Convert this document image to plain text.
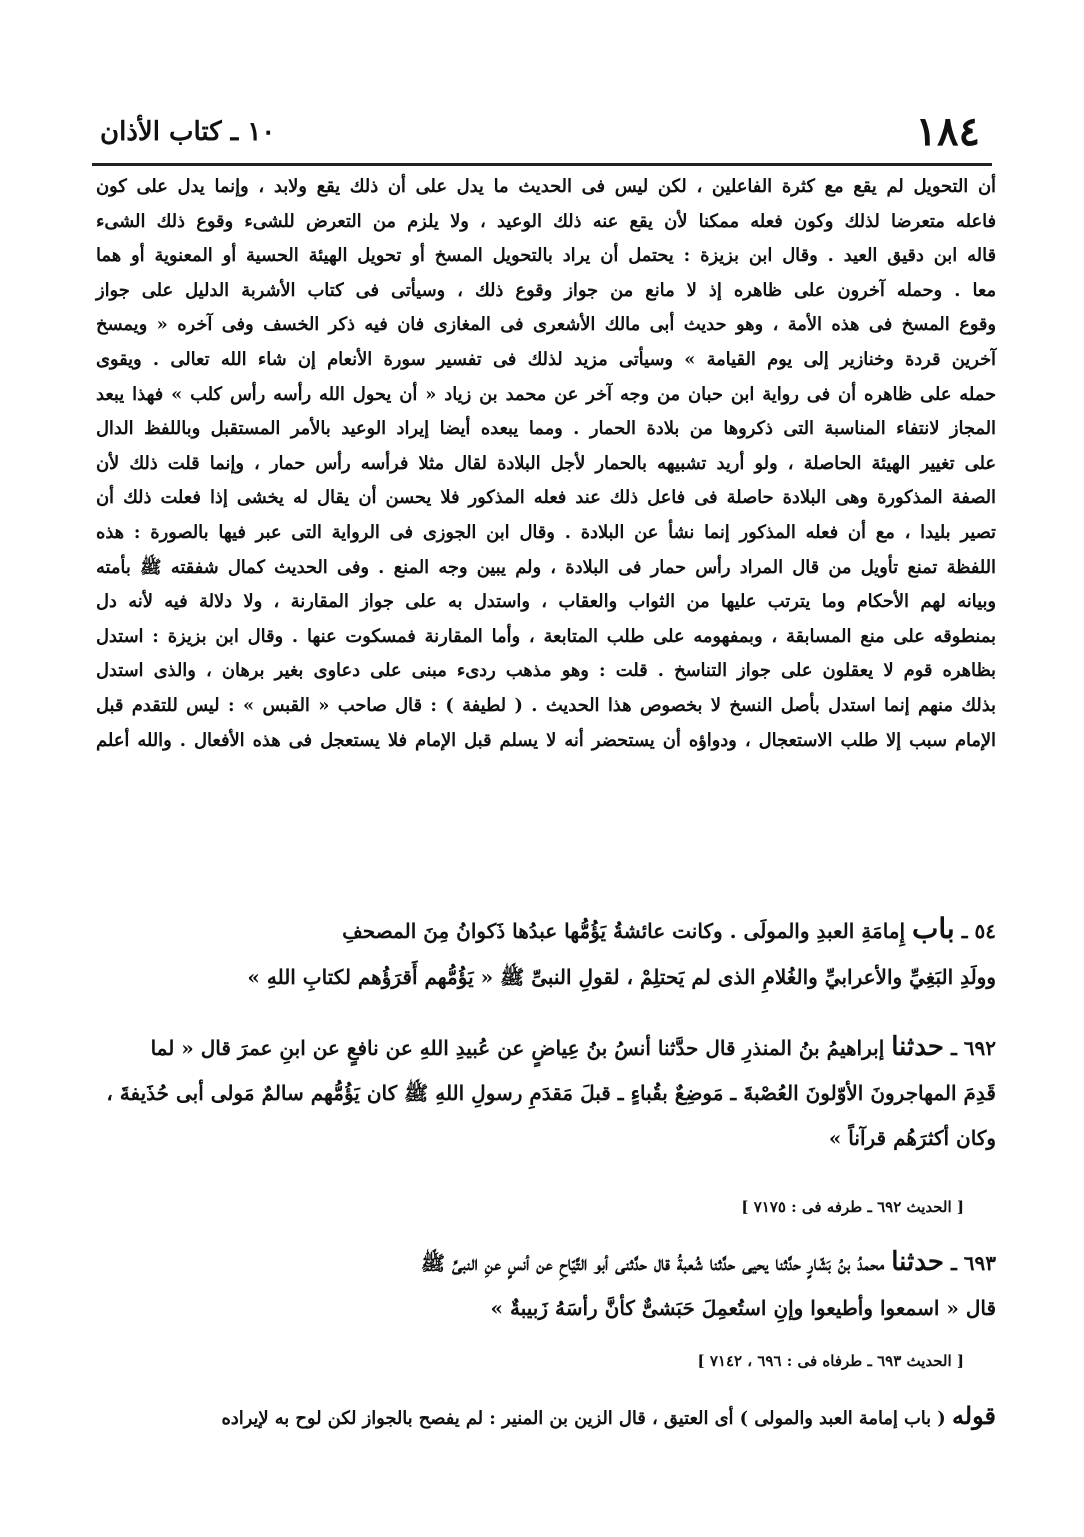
١٨٤
١٠ ـ كتاب الأذان

أن التحويل لم يقع مع كثرة الفاعلين ، لكن ليس فى الحديث ما يدل على أن ذلك يقع ولابد ، وإنما يدل على كون

فاعله متعرضا لذلك وكون فعله ممكنا لأن يقع عنه ذلك الوعيد ، ولا يلزم من التعرض للشىء وقوع ذلك الشىء

قاله ابن دقيق العيد . وقال ابن بزيزة : يحتمل أن يراد بالتحويل المسخ أو تحويل الهيئة الحسية أو المعنوية أو هما

معا . وحمله آخرون على ظاهره إذ لا مانع من جواز وقوع ذلك ، وسيأتى فى كتاب الأشربة الدليل على جواز

وقوع المسخ فى هذه الأمة ، وهو حديث أبى مالك الأشعرى فى المغازى فان فيه ذكر الخسف وفى آخره « ويمسخ

آخرين قردة وخنازير إلى يوم القيامة » وسيأتى مزيد لذلك فى تفسير سورة الأنعام إن شاء الله تعالى . ويقوى

حمله على ظاهره أن فى رواية ابن حبان من وجه آخر عن محمد بن زياد « أن يحول الله رأسه رأس كلب » فهذا يبعد

المجاز لانتفاء المناسبة التى ذكروها من بلادة الحمار . ومما يبعده أيضا إيراد الوعيد بالأمر المستقبل وباللفظ الدال

على تغيير الهيئة الحاصلة ، ولو أريد تشبيهه بالحمار لأجل البلادة لقال مثلا فرأسه رأس حمار ، وإنما قلت ذلك لأن

الصفة المذكورة وهى البلادة حاصلة فى فاعل ذلك عند فعله المذكور فلا يحسن أن يقال له يخشى إذا فعلت ذلك أن

تصير بليدا ، مع أن فعله المذكور إنما نشأ عن البلادة . وقال ابن الجوزى فى الرواية التى عبر فيها بالصورة : هذه

اللفظة تمنع تأويل من قال المراد رأس حمار فى البلادة ، ولم يبين وجه المنع . وفى الحديث كمال شفقته ﷺ بأمته

وبيانه لهم الأحكام وما يترتب عليها من الثواب والعقاب ، واستدل به على جواز المقارنة ، ولا دلالة فيه لأنه دل

بمنطوقه على منع المسابقة ، وبمفهومه على طلب المتابعة ، وأما المقارنة فمسكوت عنها . وقال ابن بزيزة : استدل

بظاهره قوم لا يعقلون على جواز التناسخ . قلت : وهو مذهب ردىء مبنى على دعاوى بغير برهان ، والذى استدل

بذلك منهم إنما استدل بأصل النسخ لا بخصوص هذا الحديث . ( لطيفة ) : قال صاحب « القبس » : ليس للتقدم قبل

الإمام سبب إلا طلب الاستعجال ، ودواؤه أن يستحضر أنه لا يسلم قبل الإمام فلا يستعجل فى هذه الأفعال . والله أعلم

٥٤ ـ باب إِمامَةِ العبدِ والمولَى . وكانت عائشةُ يَؤُمُّها عبدُها ذَكوانُ مِنَ المصحفِ

وولَدِ البَغِيِّ والأعرابيِّ والغُلامِ الذى لم يَحتلِمْ ، لقولِ النبىِّ ﷺ « يَؤُمُّهم أَقرَؤُهم لكتابِ اللهِ »

٦٩٢ ـ حدثنا إبراهيمُ بنُ المنذرِ قال حدَّثنا أنسُ بنُ عِياضٍ عن عُبيدِ اللهِ عن نافعٍ عن ابنِ عمرَ قال « لما

قَدِمَ المهاجرونَ الأوّلونَ العُصْبةَ ـ مَوضِعٌ بقُباءٍ ـ قبلَ مَقدَمِ رسولِ اللهِ ﷺ كان يَؤُمُّهم سالمٌ مَولى أبى حُذَيفةَ ،

وكان أكثرَهُم قرآناً »

[ الحديث ٦٩٢ ـ طرفه فى : ٧١٧٥ ]

٦٩٣ ـ حدثنا محمدُ بنُ بَشّارٍ حدَّثنا يحيى حدَّثنا شُعبةُ قال حدَّثنى أبو التَّيّاحِ عن أنسٍ عنِ النبىِّ ﷺ

قال « اسمعوا وأطيعوا وإنِ استُعمِلَ حَبَشىٌّ كأنَّ رأسَهُ زَبيبةٌ »

[ الحديث ٦٩٣ ـ طرفاه فى : ٦٩٦ ، ٧١٤٢ ]
قوله ( باب إمامة العبد والمولى ) أى العتيق ، قال الزين بن المنير : لم يفصح بالجواز لكن لوح به لإيراده
